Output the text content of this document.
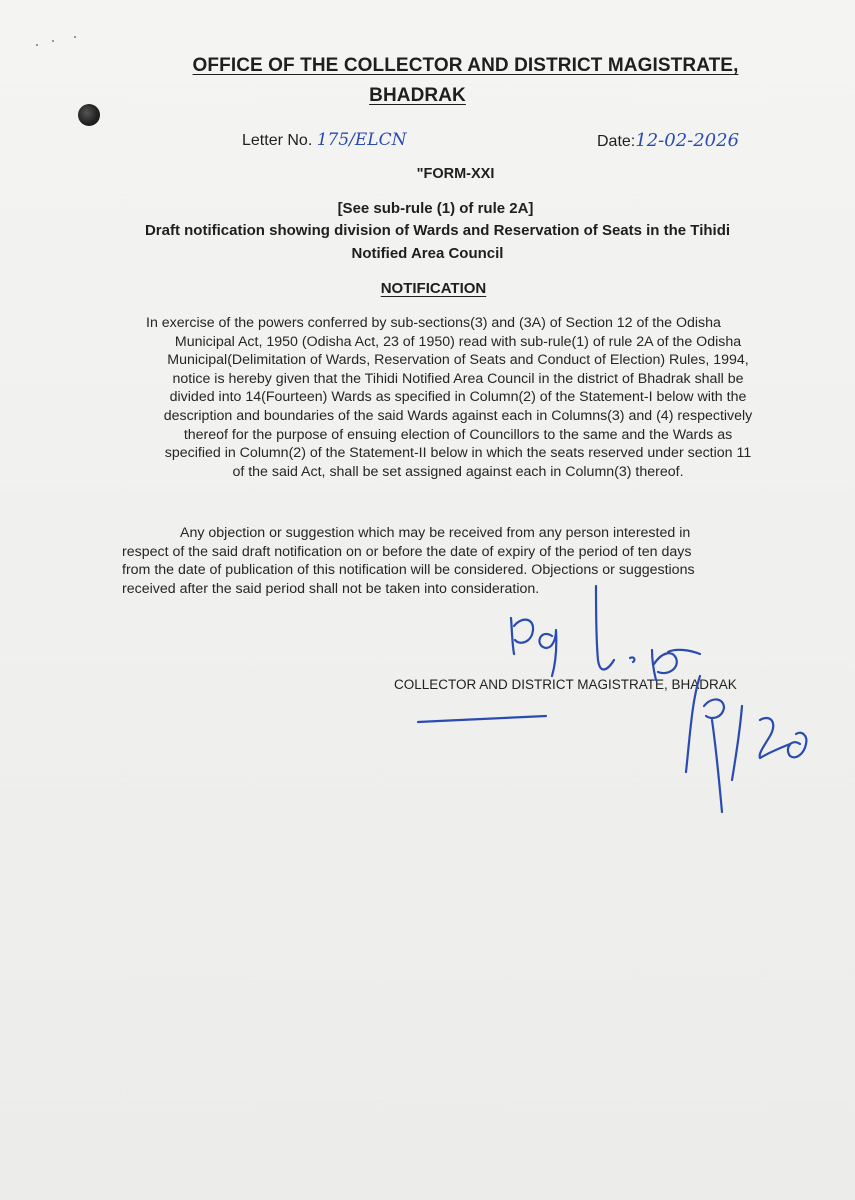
OFFICE OF THE COLLECTOR AND DISTRICT MAGISTRATE,
BHADRAK
Letter No. 175/ELCN	Date:12-02-2026
"FORM-XXI
[See sub-rule (1) of rule 2A]
Draft notification showing division of Wards and Reservation of Seats in the Tihidi
Notified Area Council
NOTIFICATION
In exercise of the powers conferred by sub-sections(3) and (3A) of Section 12 of the Odisha
Municipal Act, 1950 (Odisha Act, 23 of 1950) read with sub-rule(1) of rule 2A of the Odisha
Municipal(Delimitation of Wards, Reservation of Seats and Conduct of Election) Rules, 1994,
notice is hereby given that the Tihidi Notified Area Council in the district of Bhadrak shall be
divided into 14(Fourteen) Wards as specified in Column(2) of the Statement-I below with the
description and boundaries of the said Wards against each in Columns(3) and (4) respectively
thereof for the purpose of ensuing election of Councillors to the same and the Wards as
specified in Column(2) of the Statement-II below in which the seats reserved under section 11
of the said Act, shall be set assigned against each in Column(3) thereof.
Any objection or suggestion which may be received from any person interested in
respect of the said draft notification on or before the date of expiry of the period of ten days
from the date of publication of this notification will be considered. Objections or suggestions
received after the said period shall not be taken into consideration.
COLLECTOR AND DISTRICT MAGISTRATE, BHADRAK
